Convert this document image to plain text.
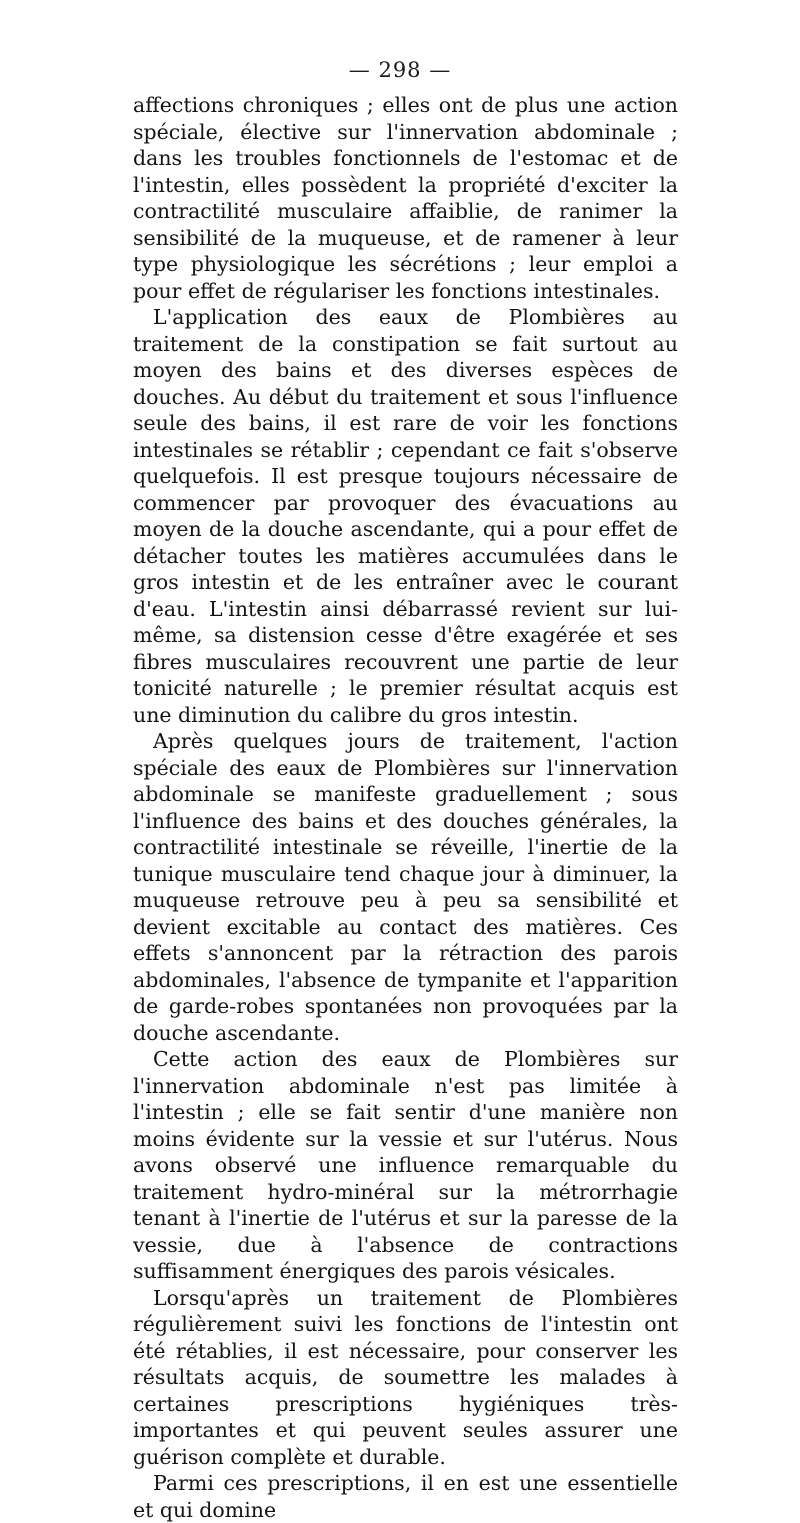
— 298 —

affections chroniques ; elles ont de plus une action spéciale, élective sur l'innervation abdominale ; dans les troubles fonctionnels de l'estomac et de l'intestin, elles possèdent la propriété d'exciter la contractilité musculaire affaiblie, de ranimer la sensibilité de la muqueuse, et de ramener à leur type physiologique les sécrétions ; leur emploi a pour effet de régulariser les fonctions intestinales.

L'application des eaux de Plombières au traitement de la constipation se fait surtout au moyen des bains et des diverses espèces de douches. Au début du traitement et sous l'influence seule des bains, il est rare de voir les fonctions intestinales se rétablir ; cependant ce fait s'observe quelquefois. Il est presque toujours nécessaire de commencer par provoquer des évacuations au moyen de la douche ascendante, qui a pour effet de détacher toutes les matières accumulées dans le gros intestin et de les entraîner avec le courant d'eau. L'intestin ainsi débarrassé revient sur lui-même, sa distension cesse d'être exagérée et ses fibres musculaires recouvrent une partie de leur tonicité naturelle ; le premier résultat acquis est une diminution du calibre du gros intestin.

Après quelques jours de traitement, l'action spéciale des eaux de Plombières sur l'innervation abdominale se manifeste graduellement ; sous l'influence des bains et des douches générales, la contractilité intestinale se réveille, l'inertie de la tunique musculaire tend chaque jour à diminuer, la muqueuse retrouve peu à peu sa sensibilité et devient excitable au contact des matières. Ces effets s'annoncent par la rétraction des parois abdominales, l'absence de tympanite et l'apparition de garde-robes spontanées non provoquées par la douche ascendante.

Cette action des eaux de Plombières sur l'innervation abdominale n'est pas limitée à l'intestin ; elle se fait sentir d'une manière non moins évidente sur la vessie et sur l'utérus. Nous avons observé une influence remarquable du traitement hydro-minéral sur la métrorrhagie tenant à l'inertie de l'utérus et sur la paresse de la vessie, due à l'absence de contractions suffisamment énergiques des parois vésicales.

Lorsqu'après un traitement de Plombières régulièrement suivi les fonctions de l'intestin ont été rétablies, il est nécessaire, pour conserver les résultats acquis, de soumettre les malades à certaines prescriptions hygiéniques très-importantes et qui peuvent seules assurer une guérison complète et durable.

Parmi ces prescriptions, il en est une essentielle et qui domine
